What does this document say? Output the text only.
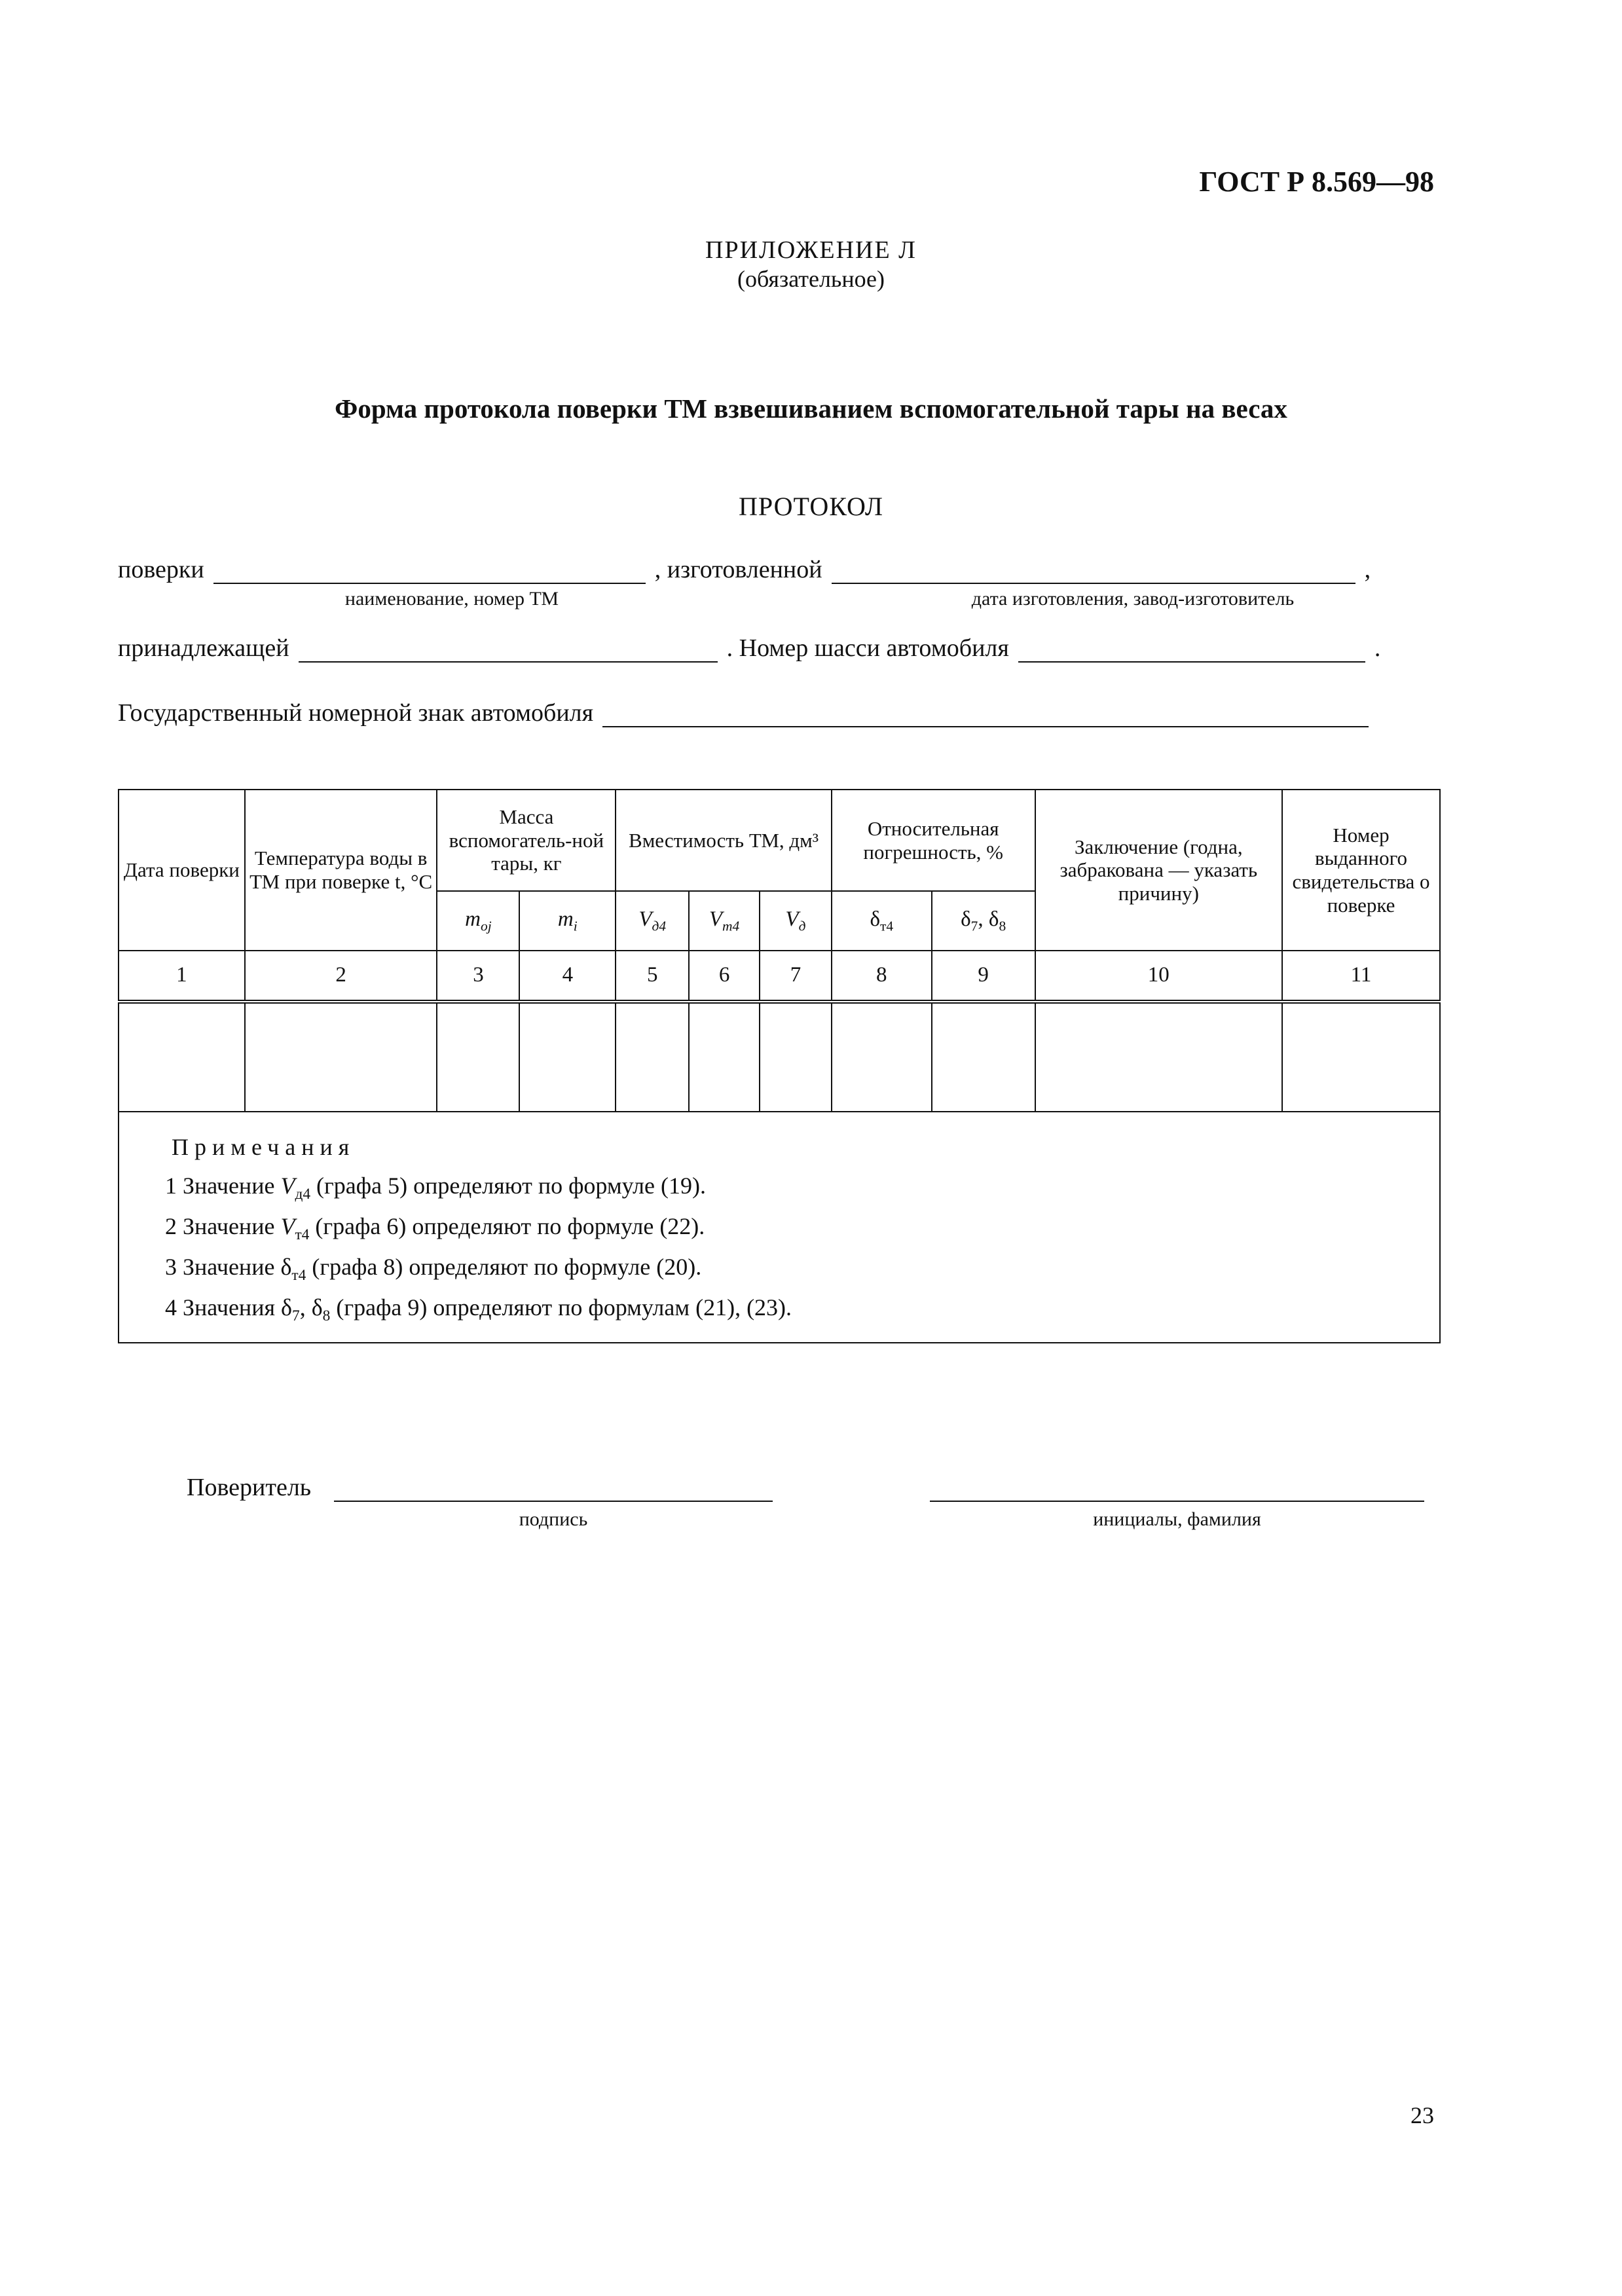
ГОСТ Р 8.569—98
ПРИЛОЖЕНИЕ Л
(обязательное)
Форма протокола поверки ТМ взвешиванием вспомогательной тары на весах
ПРОТОКОЛ
поверки	, изготовленной	,
наименование, номер ТМ	дата изготовления, завод-изготовитель
принадлежащей	. Номер шасси автомобиля	.
Государственный номерной знак автомобиля
Дата поверки	Температура воды в ТМ при поверке t, °C	Масса вспомогатель-ной тары, кг		Вместимость ТМ, дм³			Относительная погрешность, %		Заключение (годна, забракована — указать причину)	Номер выданного свидетельства о поверке
		$m_{oj}$	$m_i$	$V_{д4}$	$V_{т4}$	$V_д$	$\delta_{т4}$	$\delta_7$, $\delta_8$
1	2	3	4	5	6	7	8	9	10	11

Примечания
1 Значение $V_{д4}$ (графа 5) определяют по формуле (19).
2 Значение $V_{т4}$ (графа 6) определяют по формуле (22).
3 Значение $\delta_{т4}$ (графа 8) определяют по формуле (20).
4 Значения $\delta_7$, $\delta_8$ (графа 9) определяют по формулам (21), (23).										
Поверитель
подпись	инициалы, фамилия
23
